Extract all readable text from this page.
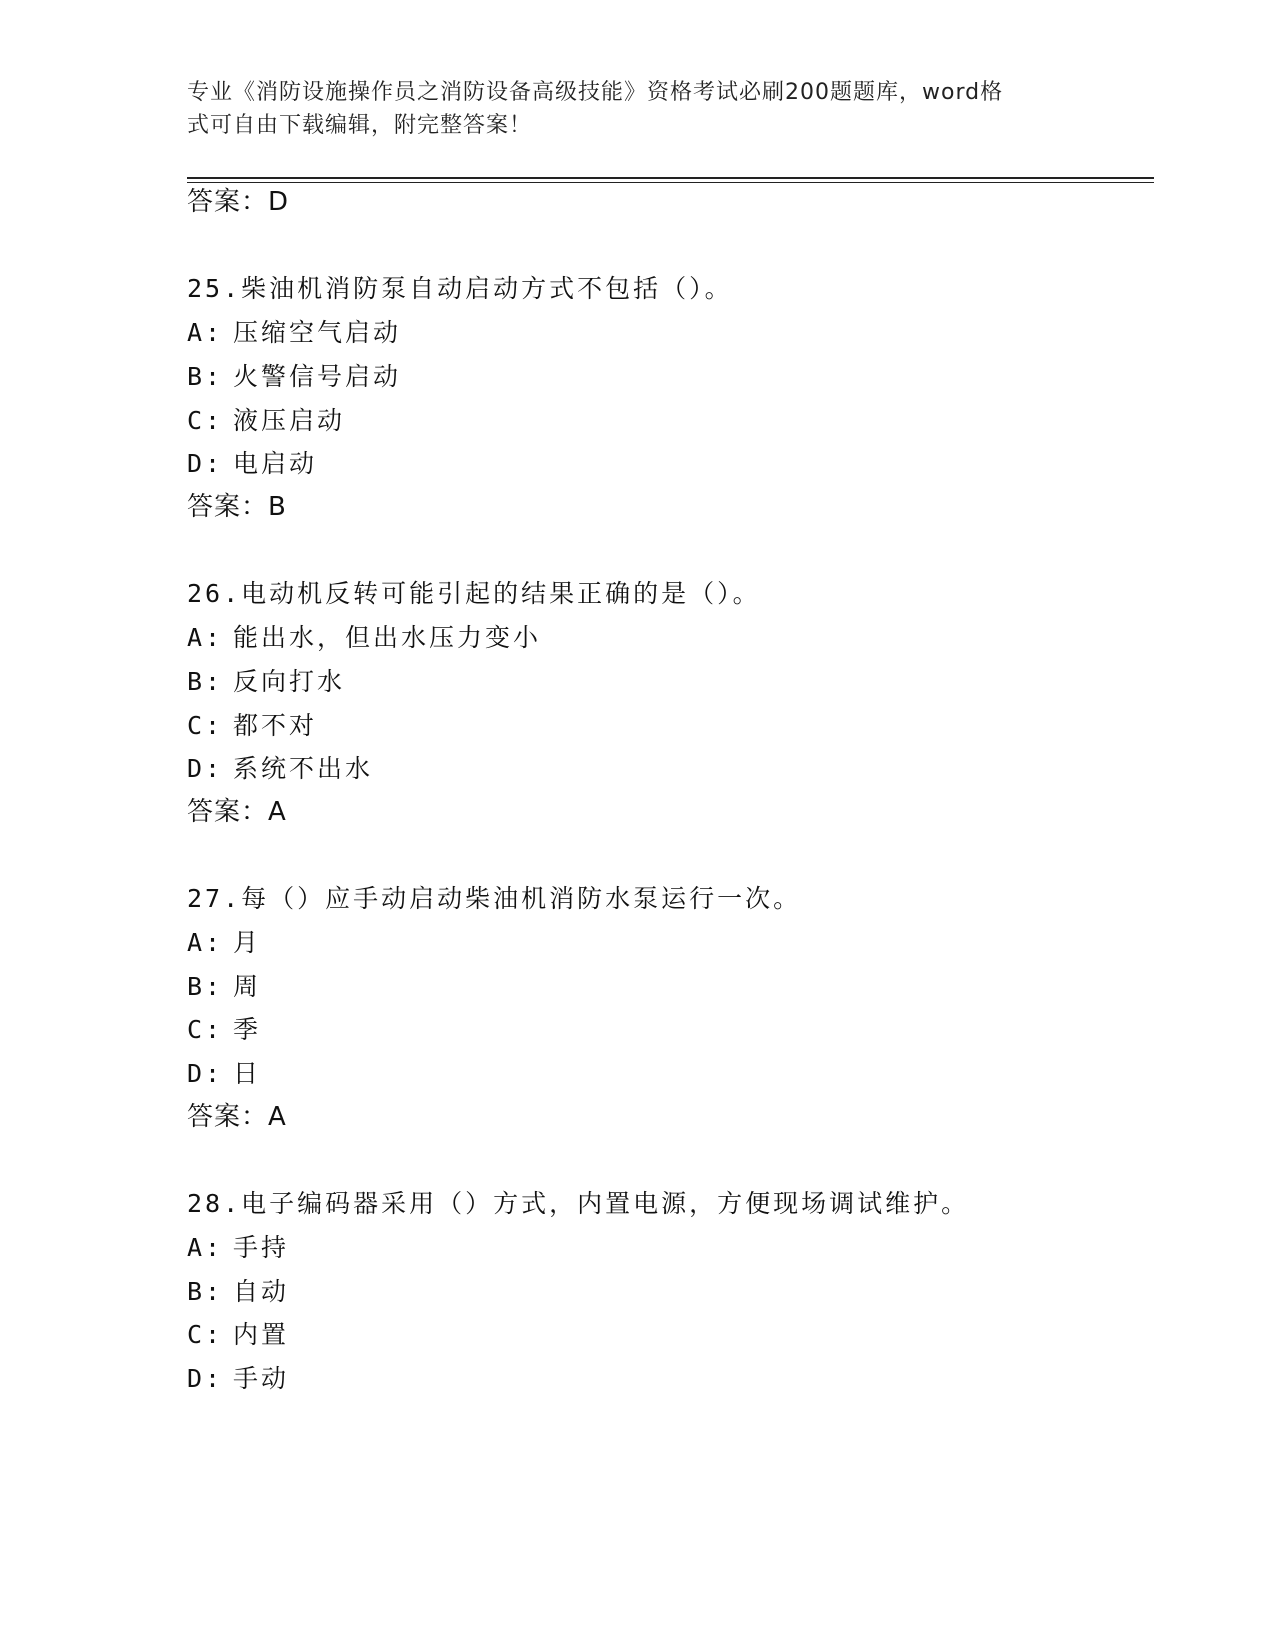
专业《消防设施操作员之消防设备高级技能》资格考试必刷200题题库，word格
式可自由下载编辑，附完整答案！
答案：D
25.柴油机消防泵自动启动方式不包括（）。
A: 压缩空气启动
B: 火警信号启动
C: 液压启动
D: 电启动
答案：B
26.电动机反转可能引起的结果正确的是（）。
A: 能出水，但出水压力变小
B: 反向打水
C: 都不对
D: 系统不出水
答案：A
27.每（）应手动启动柴油机消防水泵运行一次。
A: 月
B: 周
C: 季
D: 日
答案：A
28.电子编码器采用（）方式，内置电源，方便现场调试维护。
A: 手持
B: 自动
C: 内置
D: 手动
